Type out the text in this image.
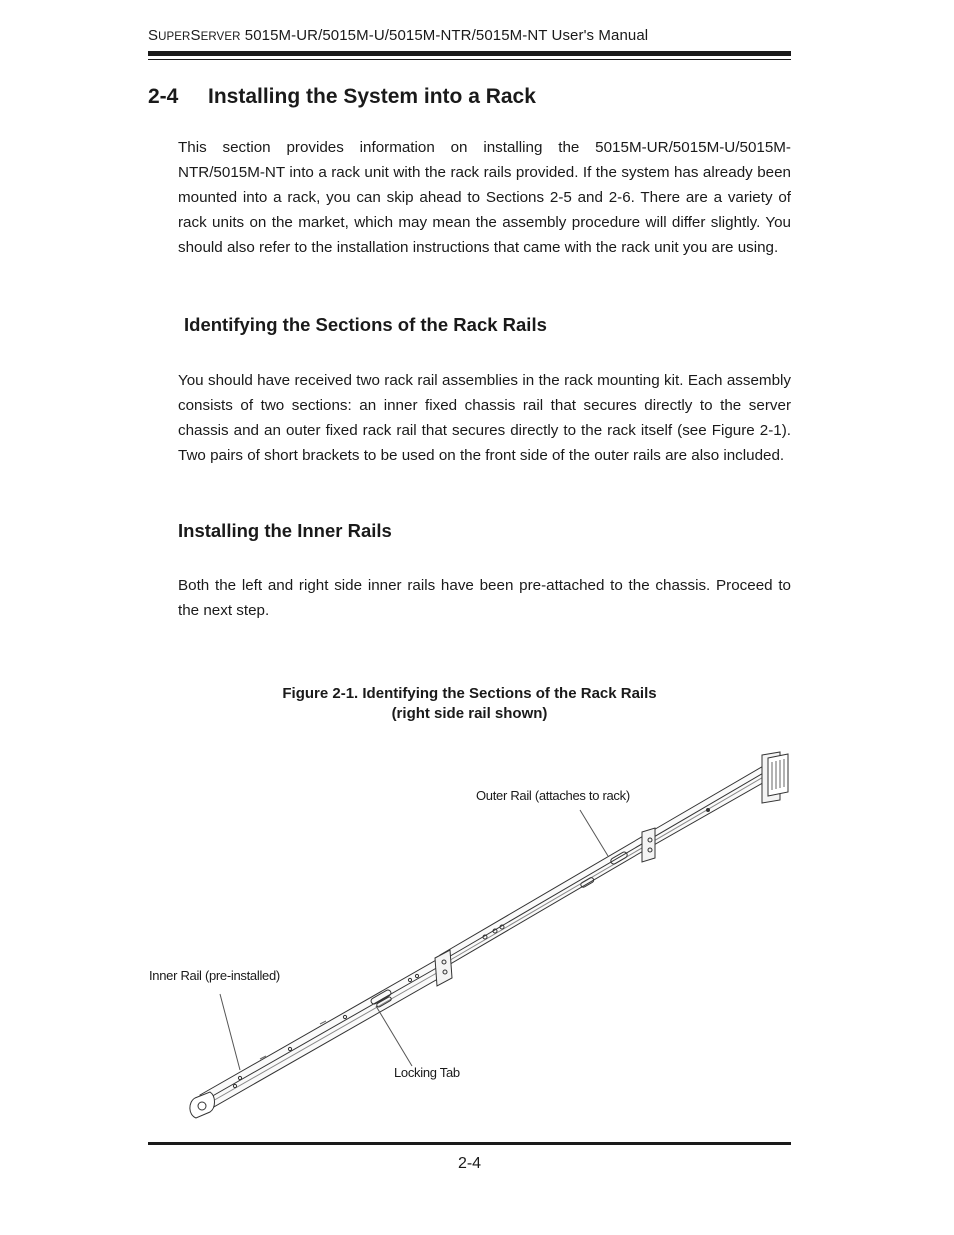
SUPERSERVER 5015M-UR/5015M-U/5015M-NTR/5015M-NT User's Manual
2-4 Installing the System into a Rack
This section provides information on installing the 5015M-UR/5015M-U/5015M-NTR/5015M-NT into a rack unit with the rack rails provided. If the system has already been mounted into a rack, you can skip ahead to Sections 2-5 and 2-6. There are a variety of rack units on the market, which may mean the assembly procedure will differ slightly. You should also refer to the installation instructions that came with the rack unit you are using.
Identifying the Sections of the Rack Rails
You should have received two rack rail assemblies in the rack mounting kit. Each assembly consists of two sections: an inner fixed chassis rail that secures directly to the server chassis and an outer fixed rack rail that secures directly to the rack itself (see Figure 2-1). Two pairs of short brackets to be used on the front side of the outer rails are also included.
Installing the Inner Rails
Both the left and right side inner rails have been pre-attached to the chassis. Proceed to the next step.
Figure 2-1. Identifying the Sections of the Rack Rails
(right side rail shown)
Outer Rail (attaches to rack)
Inner Rail (pre-installed)
Locking Tab
2-4
